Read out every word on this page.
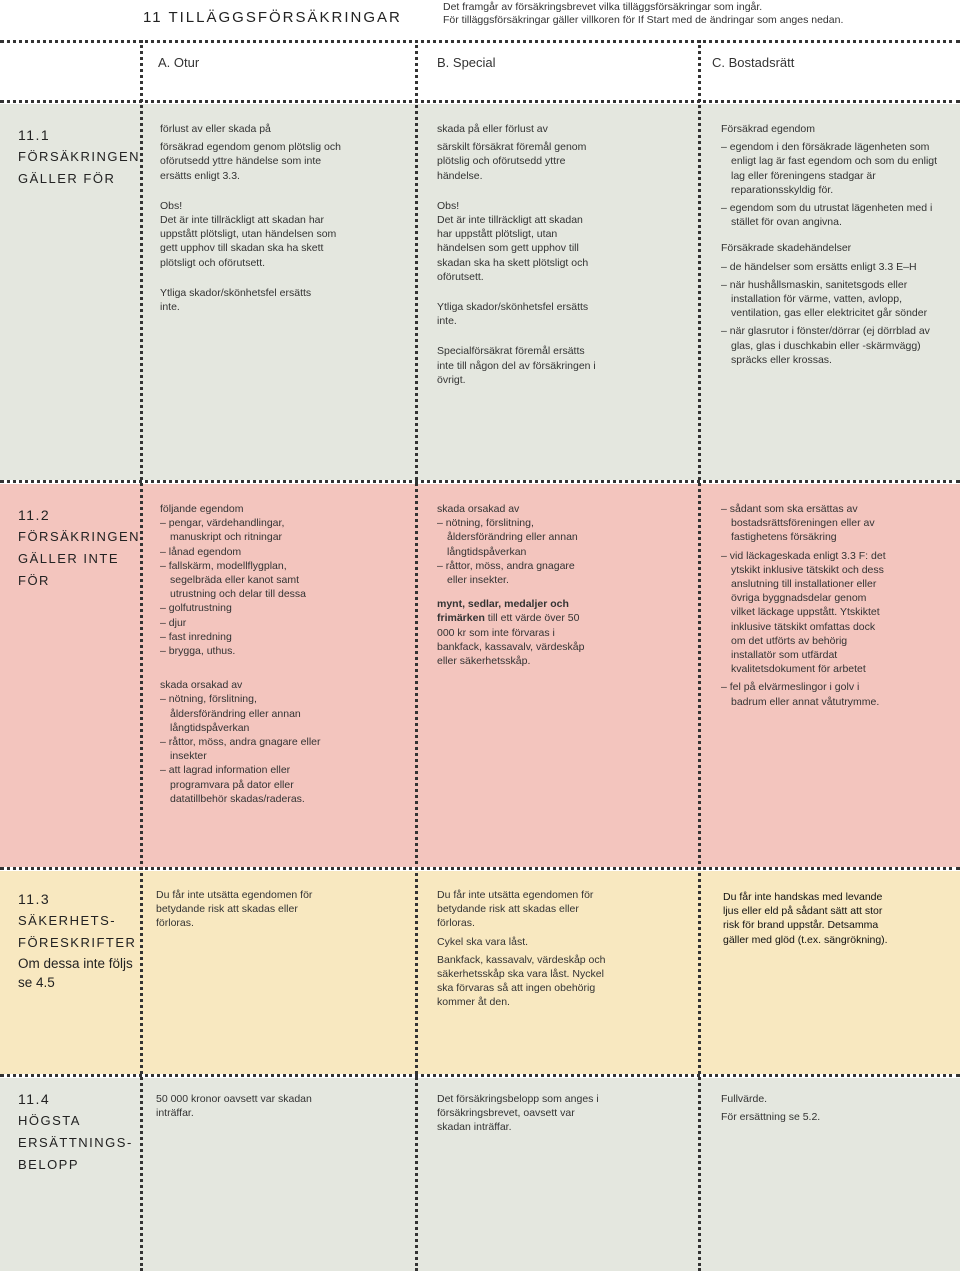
11 TILLÄGGSFÖRSÄKRINGAR
Det framgår av försäkringsbrevet vilka tilläggsförsäkringar som ingår.
För tilläggsförsäkringar gäller villkoren för If Start med de ändringar som anges nedan.
A. Otur	B. Special	C. Bostadsrätt
11.1
FÖRSÄKRINGEN
GÄLLER FÖR

förlust av eller skada på

försäkrad egendom genom plötslig och oförutsedd yttre händelse som inte ersätts enligt 3.3.

Obs!

Det är inte tillräckligt att skadan har uppstått plötsligt, utan händelsen som gett upphov till skadan ska ha skett plötsligt och oförutsett.

Ytliga skador/skönhetsfel ersätts inte.

skada på eller förlust av

särskilt försäkrat föremål genom plötslig och oförutsedd yttre händelse.

Obs!

Det är inte tillräckligt att skadan har uppstått plötsligt, utan händelsen som gett upphov till skadan ska ha skett plötsligt och oförutsett.

Ytliga skador/skönhetsfel ersätts inte.

Specialförsäkrat föremål ersätts inte till någon del av försäkringen i övrigt.

Försäkrad egendom

– egendom i den försäkrade lägenheten som enligt lag är fast egendom och som du enligt lag eller föreningens stadgar är reparationsskyldig för.
– egendom som du utrustat lägenheten med i stället för ovan angivna.

Försäkrade skadehändelser

– de händelser som ersätts enligt 3.3 E–H
– när hushållsmaskin, sanitetsgods eller installation för värme, vatten, avlopp, ventilation, gas eller elektricitet går sönder
– när glasrutor i fönster/dörrar (ej dörrblad av glas, glas i duschkabin eller -skärmvägg) spräcks eller krossas.
11.2
FÖRSÄKRINGEN
GÄLLER INTE
FÖR

följande egendom

– pengar, värdehandlingar, manuskript och ritningar
– lånad egendom
– fallskärm, modellflygplan, segelbräda eller kanot samt utrustning och delar till dessa
– golfutrustning
– djur
– fast inredning
– brygga, uthus.

skada orsakad av

– nötning, förslitning, åldersförändring eller annan långtidspåverkan
– råttor, möss, andra gnagare eller insekter
– att lagrad information eller programvara på dator eller datatillbehör skadas/raderas.

skada orsakad av

– nötning, förslitning, åldersförändring eller annan långtidspåverkan
– råttor, möss, andra gnagare eller insekter.

mynt, sedlar, medaljer och frimärken till ett värde över 50 000 kr som inte förvaras i bankfack, kassavalv, värdeskåp eller säkerhetsskåp.

– sådant som ska ersättas av bostadsrättsföreningen eller av fastighetens försäkring
– vid läckageskada enligt 3.3 F: det ytskikt inklusive tätskikt och dess anslutning till installationer eller övriga byggnadsdelar genom vilket läckage uppstått. Ytskiktet inklusive tätskikt omfattas dock om det utförts av behörig installatör som utfärdat kvalitetsdokument för arbetet
– fel på elvärmeslingor i golv i badrum eller annat våtutrymme.
11.3
SÄKERHETS-
FÖRESKRIFTER
Om dessa inte följs se 4.5

Du får inte utsätta egendomen för betydande risk att skadas eller förloras.

Du får inte utsätta egendomen för betydande risk att skadas eller förloras.

Cykel ska vara låst.

Bankfack, kassavalv, värdeskåp och säkerhetsskåp ska vara låst. Nyckel ska förvaras så att ingen obehörig kommer åt den.

Du får inte handskas med levande ljus eller eld på sådant sätt att stor risk för brand uppstår. Detsamma gäller med glöd (t.ex. sängrökning).

11.4
HÖGSTA
ERSÄTTNINGS-
BELOPP

50 000 kronor oavsett var skadan inträffar.

Det försäkringsbelopp som anges i försäkringsbrevet, oavsett var skadan inträffar.

Fullvärde.

För ersättning se 5.2.
